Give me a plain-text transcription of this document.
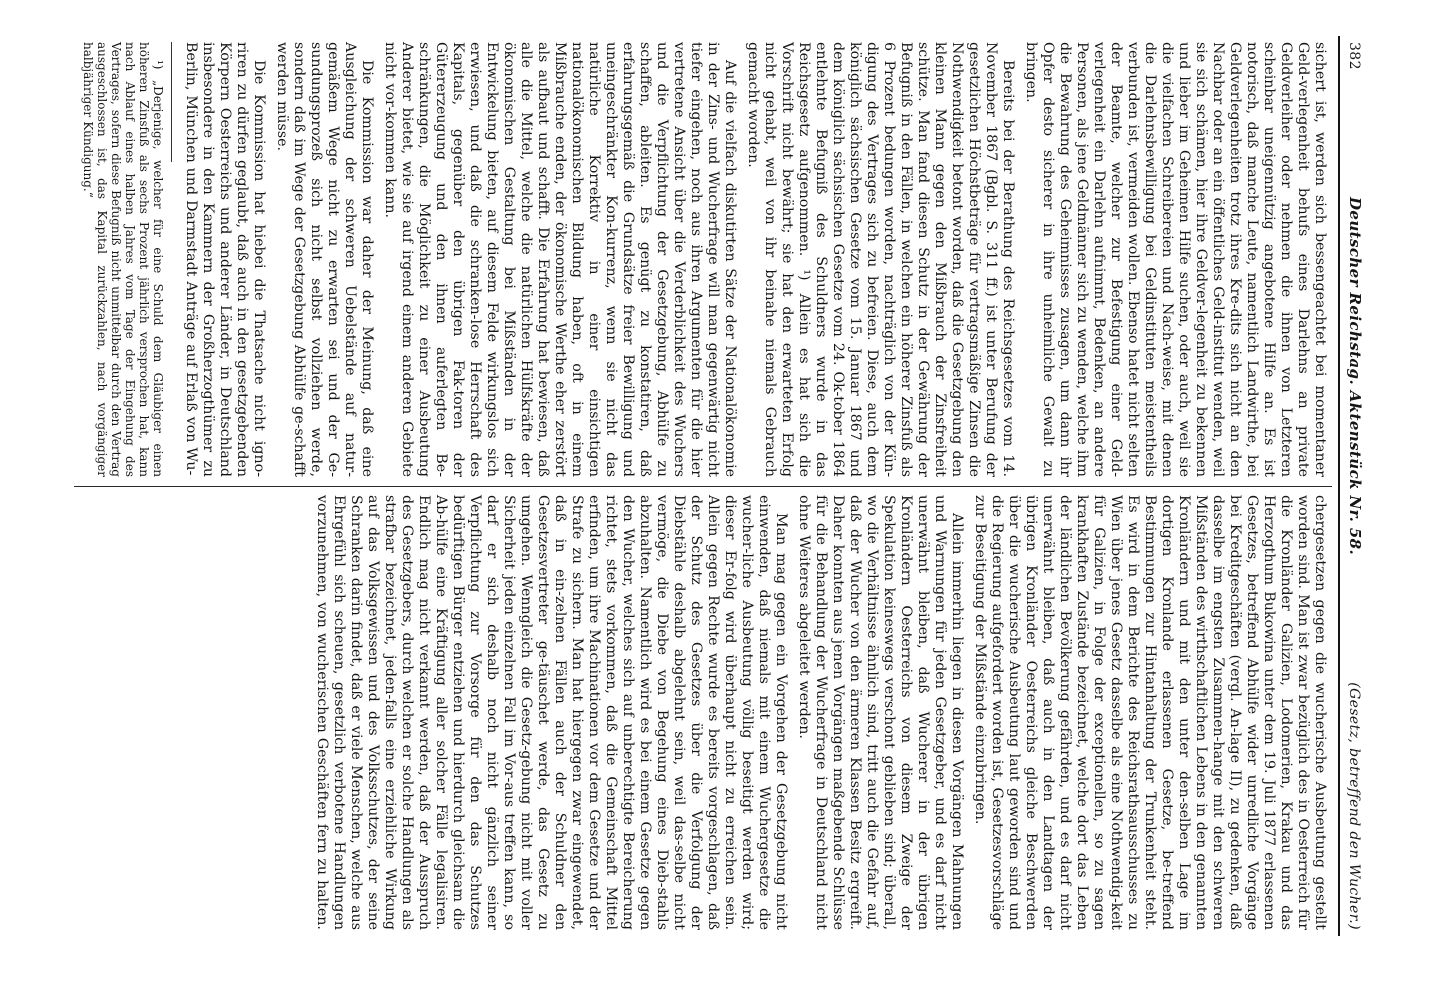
382
Deutscher Reichstag. Aktenstück Nr. 58.
(Gesetz, betreffend den Wucher.)

sichert ist, werden sich bessengeachtet bei momentaner Geld-verlegenheit behufs eines Darlehns an private Geldverleiher oder nehmen die ihnen von Letzteren scheinbar uneigennützig angebotene Hilfe an. Es ist notorisch, daß manche Leute, namentlich Landwirthe, bei Geldverlegenheiten trotz ihres Kre-dits sich nicht an den Nachbar oder an ein öffentliches Geld-institut wenden, weil sie sich schämen, hier ihre Geldver-legenheit zu bekennen und lieber im Geheimen Hilfe suchen, oder auch, weil sie die vielfachen Schreibereien und Nach-weise, mit denen die Darlehnsbewilligung bei Geldinstituten meistentheils verbunden ist, vermeiden wollen. Ebenso hatet nicht selten der Beamte, welcher zur Befestigung einer Geld-verlegenheit ein Darlehn aufnimmt, Bedenken, an andere Personen, als jene Geldmänner sich zu wenden, welche ihm die Bewahrung des Geheimnisses zusagen, um dann ihr Opfer desto sicherer in ihre unheimliche Gewalt zu bringen.

Bereits bei der Berathung des Reichsgesetzes vom 14. November 1867 (Bgbl. S. 311 ff.) ist unter Berufung der gesetzlichen Höchstbeträge für vertragsmäßige Zinsen die Nothwendigkeit betont worden, daß die Gesetzgebung den kleinen Mann gegen den Mißbrauch der Zinsfreiheit schütze. Man fand diesen Schutz in der Gewährung der Befugniß in den Fällen, in welchen ein höherer Zinsfuß als 6 Prozent bedungen worden, nachträglich von der Kün-digung des Vertrages sich zu befreien. Diese, auch dem königlich sächsischen Gesetze vom 15. Januar 1867 und dem königlich sächsischen Gesetze vom 24. Ok-tober 1864 entlehnte Befugniß des Schuldners wurde in das Reichsgesetz aufgenommen. ¹) Allein es hat sich die Vorschrift nicht bewährt; sie hat den erwarteten Erfolg nicht gehabt, weil von ihr beinahe niemals Gebrauch gemacht worden.

Auf die vielfach diskutirten Sätze der Nationalökonomie in der Zins- und Wucherfrage will man gegenwärtig nicht tiefer eingehen, noch aus ihren Argumenten für die hier vertretene Ansicht über die Verderblichkeit des Wuchers und die Verpflichtung der Gesetzgebung, Abhülfe zu schaffen, ableiten. Es genügt zu konstatiren, daß erfahrungsgemäß die Grundsätze freier Bewilligung und uneingeschränkter Kon-kurrenz, wenn sie nicht das natürliche Korrektiv in einer einsichtigen nationalökonomischen Bildung haben, oft in einem Mißbrauche enden, der ökonomische Werthe eher zerstört als aufbaut und schafft. Die Erfahrung hat bewiesen, daß alle die Mittel, welche die natürlichen Hülfskräfte der ökonomischen Gestaltung bei Mißständen in der Entwickelung bieten, auf diesem Felde wirkungslos sich erwiesen, und daß die schranken-lose Herrschaft des Kapitals, gegenüber den übrigen Fak-toren der Gütererzeugung und den ihnen auferlegten Be-schränkungen, die Möglichkeit zu einer Ausbeutung Anderer bietet, wie sie auf irgend einem anderen Gebiete nicht vor-kommen kann.

Die Kommission war daher der Meinung, daß eine Ausgleichung der schweren Uebelstände auf natur-gemäßem Wege nicht zu erwarten sei und der Ge-sundungsprozeß sich nicht selbst vollziehen werde, sondern daß im Wege der Gesetzgebung Abhülfe ge-schafft werden müsse.

Die Kommission hat hiebei die Thatsache nicht igno-riren zu dürfen geglaubt, daß auch in den gesetzgebenden Körpern Oesterreichs und anderer Länder, in Deutschland insbesondere in den Kammern der Großherzogthümer zu Berlin, München und Darmstadt Anträge auf Erlaß von Wu-

¹) „Derjenige, welcher für eine Schuld dem Gläubiger einen höheren Zinsfuß als sechs Prozent jährlich versprochen hat, kann nach Ablauf eines halben Jahres vom Tage der Eingehung des Vertrages, sofern diese Befugniß nicht unmittelbar durch den Vertrag ausgeschlossen ist, das Kapital zurückzahlen, nach vorgängiger halbjähriger Kündigung.“

chergesetzen gegen die wucherische Ausbeutung gestellt worden sind. Man ist zwar bezüglich des in Oesterreich für die Kronländer Galizien, Lodomerien, Krakau und das Herzogthum Bukowina unter dem 19. Juli 1877 erlassenen Gesetzes, betreffend Abhülfe wider unredliche Vorgänge bei Kreditgeschäften (vergl. An-lage II), zu gedenken, daß dasselbe im engsten Zusammen-hange mit den schweren Mißständen des wirthschaftlichen Lebens in den genannten Kronländern und mit den unter den-selben Lage im dortigen Kronlande erlassenen Gesetze, be-treffend Bestimmungen zur Hintanhaltung der Trunkenheit steht. Es wird in dem Berichte des Reichsrathsausschusses zu Wien über jenes Gesetz dasselbe als eine Nothwendig-keit für Galizien, in Folge der exceptionellen, so zu sagen krankhaften Zustände bezeichnet, welche dort das Leben der ländlichen Bevölkerung gefährden, und es darf nicht unerwähnt bleiben, daß auch in den Landtagen der übrigen Kronländer Oesterreichs gleiche Beschwerden über die wucherische Ausbeutung laut geworden sind und die Regierung aufgefordert worden ist, Gesetzesvorschläge zur Beseitigung der Mißstände einzubringen.

Allein immerhin liegen in diesen Vorgängen Mahnungen und Warnungen für jeden Gesetzgeber, und es darf nicht unerwähnt bleiben, daß Wucherer in der übrigen Kronländern Oesterreichs von diesem Zweige der Spekulation keineswegs verschont geblieben sind; überall, wo die Verhältnisse ähnlich sind, tritt auch die Gefahr auf, daß der Wucher von den ärmeren Klassen Besitz ergreift. Daher konnten aus jenen Vorgängen maßgebende Schlüsse für die Behandlung der Wucherfrage in Deutschland nicht ohne Weiteres abgeleitet werden.

Man mag gegen ein Vorgehen der Gesetzgebung nicht einwenden, daß niemals mit einem Wuchergesetze die wucher-liche Ausbeutung völlig beseitigt werden wird; dieser Er-folg wird überhaupt nicht zu erreichen sein. Allein gegen Rechte wurde es bereits vorgeschlagen, daß der Schutz des Gesetzes über die Verfolgung der Diebstähle deshalb abgelehnt sein, weil das-selbe nicht vermöge, die Diebe von Begehung eines Dieb-stahls abzuhalten. Namentlich wird es bei einem Gesetze gegen den Wucher, welches sich auf unberechtigte Bereicherung richtet, stets vorkommen, daß die Gemeinschaft Mittel erfinden, um ihre Machinationen vor dem Gesetze und der Strafe zu sichern. Man hat hiergegen zwar eingewendet, daß in ein-zelnen Fällen auch der Schuldner den Gesetzesvertreter ge-täuschet werde, das Gesetz zu umgehen. Wenngleich die Gesetz-gebung nicht mit voller Sicherheit jeden einzelnen Fall im Vor-aus treffen kann, so darf er sich deshalb noch nicht gänzlich seiner Verpflichtung zur Vorsorge für den das Schutzes bedürftigen Bürger entziehen und hierdurch gleichsam die Ab-hülfe eine Kräftigung aller solcher Fälle legalisiren. Endlich mag nicht verkannt werden, daß der Ausspruch des Gesetzgebers, durch welchen er solche Handlungen als strafbar bezeichnet, jeden-falls eine erziehliche Wirkung auf das Volksgewissen und des Volksschutzes, der seine Schranken darin findet, daß er viele Menschen, welche aus Ehrgefühl sich scheuen, gesetzlich verbotene Handlungen vorzunehmen, von wucherischen Geschäften fern zu halten.
